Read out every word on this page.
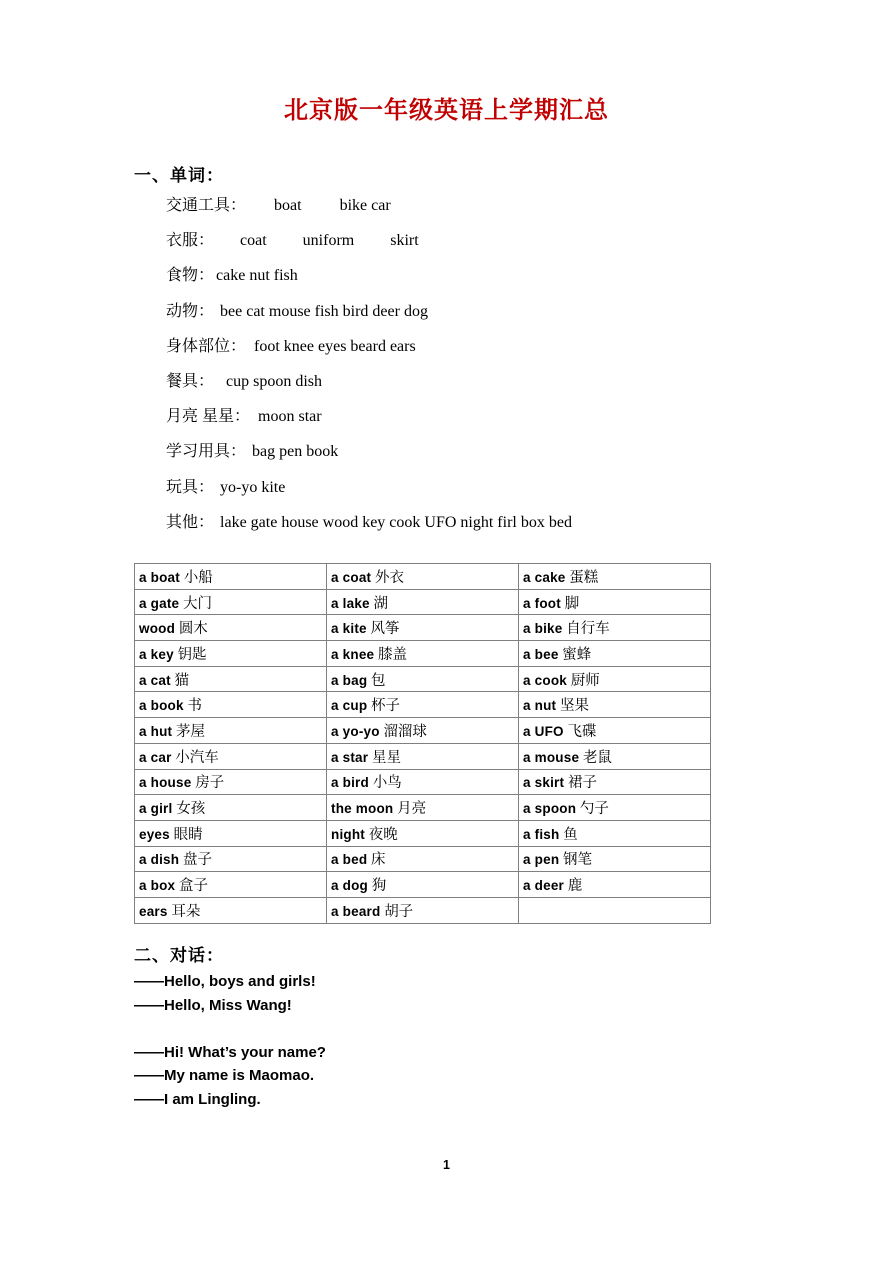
北京版一年级英语上学期汇总
一、单词：
交通工具： boat bike car
衣服： coat uniform skirt
食物： cake nut fish
动物： bee cat mouse fish bird deer dog
身体部位： foot knee eyes beard ears
餐具： cup spoon dish
月亮 星星： moon star
学习用具： bag pen book
玩具： yo-yo kite
其他： lake gate house wood key cook UFO night firl box bed
a boat 小船	a coat 外衣	a cake 蛋糕
a gate 大门	a lake 湖	a foot 脚
wood 圆木	a kite 风筝	a bike 自行车
a key 钥匙	a knee 膝盖	a bee 蜜蜂
a cat 猫	a bag 包	a cook 厨师
a book 书	a cup 杯子	a nut 坚果
a hut 茅屋	a yo-yo 溜溜球	a UFO 飞碟
a car 小汽车	a star 星星	a mouse 老鼠
a house 房子	a bird 小鸟	a skirt 裙子
a girl 女孩	the moon 月亮	a spoon 勺子
eyes 眼睛	night 夜晚	a fish 鱼
a dish 盘子	a bed 床	a pen 钢笔
a box 盒子	a dog 狗	a deer 鹿
ears 耳朵	a beard 胡子	
二、对话：
——Hello, boys and girls!
——Hello, Miss Wang!
——Hi! What’s your name?
——My name is Maomao.
——I am Lingling.
1
